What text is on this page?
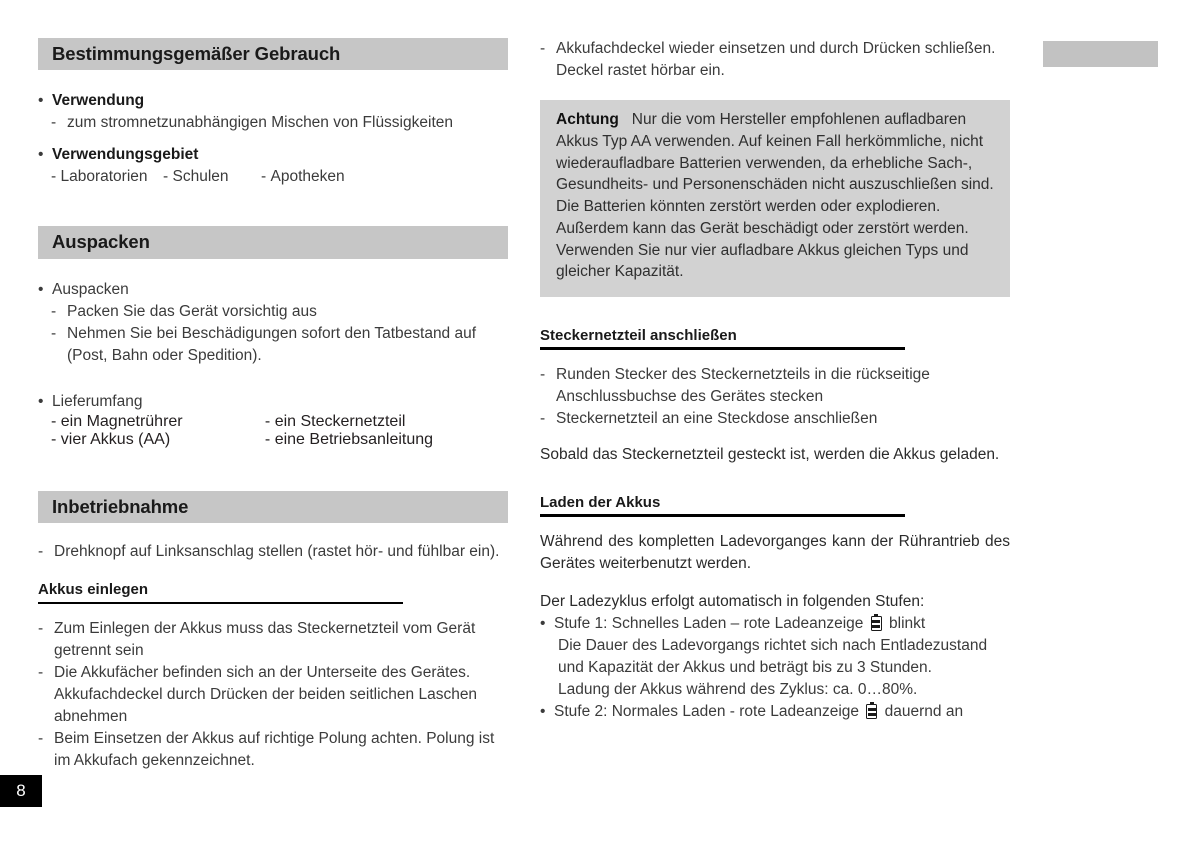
8
Bestimmungsgemäßer Gebrauch
• Verwendung
- zum stromnetzunabhängigen Mischen von Flüssigkeiten
• Verwendungsgebiet
- Laboratorien - Schulen	- Apotheken
Auspacken
• Auspacken
- Packen Sie das Gerät vorsichtig aus
- Nehmen Sie bei Beschädigungen sofort den Tatbestand auf (Post, Bahn oder Spedition).
• Lieferumfang
- ein Magnetrührer	- ein Steckernetzteil
- vier Akkus (AA)	- eine Betriebsanleitung
Inbetriebnahme
- Drehknopf auf Linksanschlag stellen (rastet hör- und fühlbar ein).
Akkus einlegen
- Zum Einlegen der Akkus muss das Steckernetzteil vom Gerät getrennt sein
- Die Akkufächer befinden sich an der Unterseite des Gerätes. Akkufachdeckel durch Drücken der beiden seitlichen Laschen abnehmen
- Beim Einsetzen der Akkus auf richtige Polung achten. Polung ist im Akkufach gekennzeichnet.
- Akkufachdeckel wieder einsetzen und durch Drücken schließen. Deckel rastet hörbar ein.

Achtung Nur die vom Hersteller empfohlenen aufladbaren Akkus Typ AA verwenden. Auf keinen Fall herkömmliche, nicht wiederaufladbare Batterien verwenden, da erhebliche Sach-, Gesundheits- und Personenschäden nicht auszuschließen sind. Die Batterien könnten zerstört werden oder explodieren. Außerdem kann das Gerät beschädigt oder zerstört werden.

Verwenden Sie nur vier aufladbare Akkus gleichen Typs und gleicher Kapazität.

Steckernetzteil anschließen
- Runden Stecker des Steckernetzteils in die rückseitige Anschlussbuchse des Gerätes stecken
- Steckernetzteil an eine Steckdose anschließen
Sobald das Steckernetzteil gesteckt ist, werden die Akkus geladen.
Laden der Akkus
Während des kompletten Ladevorganges kann der Rührantrieb des Gerätes weiterbenutzt werden.
Der Ladezyklus erfolgt automatisch in folgenden Stufen:
• Stufe 1: Schnelles Laden – rote Ladeanzeige blinkt
Die Dauer des Ladevorgangs richtet sich nach Entladezustand und Kapazität der Akkus und beträgt bis zu 3 Stunden.
Ladung der Akkus während des Zyklus: ca. 0…80%.
• Stufe 2: Normales Laden - rote Ladeanzeige dauernd an
